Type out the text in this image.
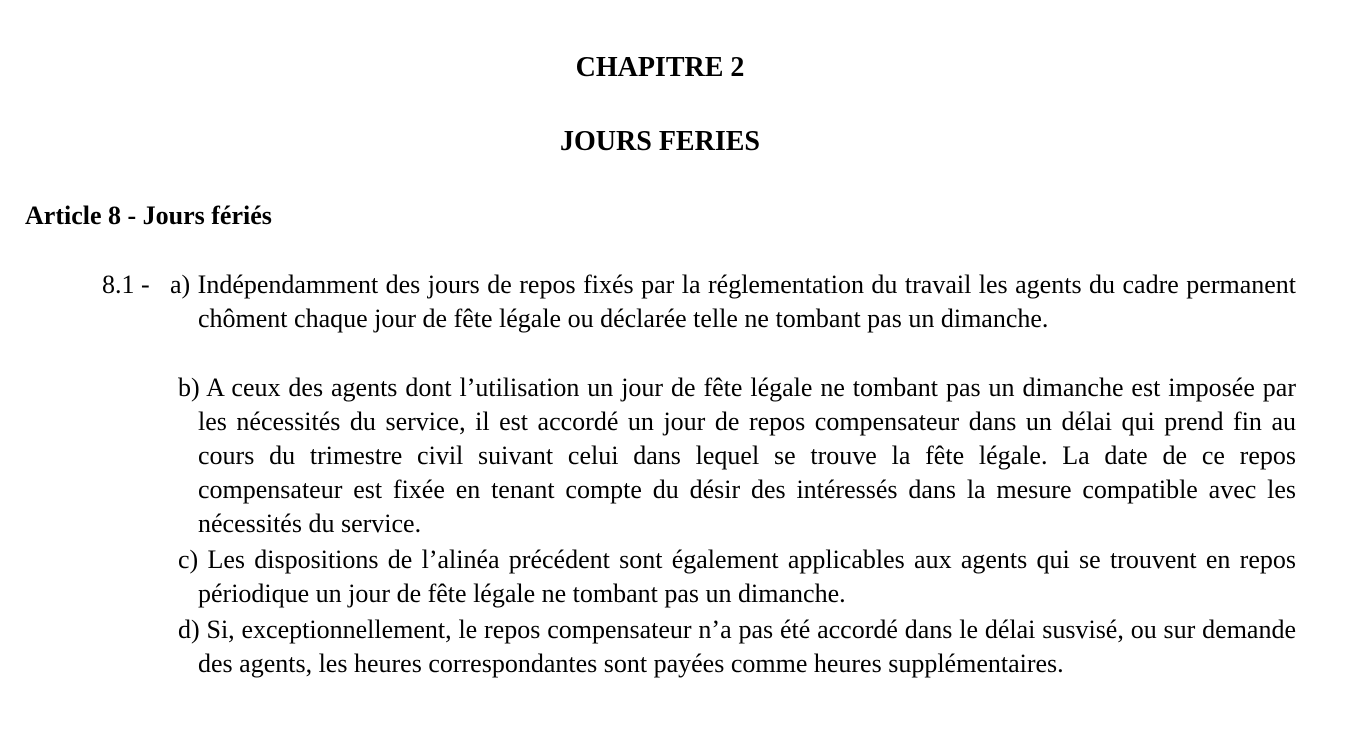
CHAPITRE 2
JOURS FERIES
Article 8 - Jours fériés
8.1 - a) Indépendamment des jours de repos fixés par la réglementation du travail les agents du cadre permanent chôment chaque jour de fête légale ou déclarée telle ne tombant pas un dimanche.
b) A ceux des agents dont l’utilisation un jour de fête légale ne tombant pas un dimanche est imposée par les nécessités du service, il est accordé un jour de repos compensateur dans un délai qui prend fin au cours du trimestre civil suivant celui dans lequel se trouve la fête légale. La date de ce repos compensateur est fixée en tenant compte du désir des intéressés dans la mesure compatible avec les nécessités du service.
c) Les dispositions de l’alinéa précédent sont également applicables aux agents qui se trouvent en repos périodique un jour de fête légale ne tombant pas un dimanche.
d) Si, exceptionnellement, le repos compensateur n’a pas été accordé dans le délai susvisé, ou sur demande des agents, les heures correspondantes sont payées comme heures supplémentaires.
